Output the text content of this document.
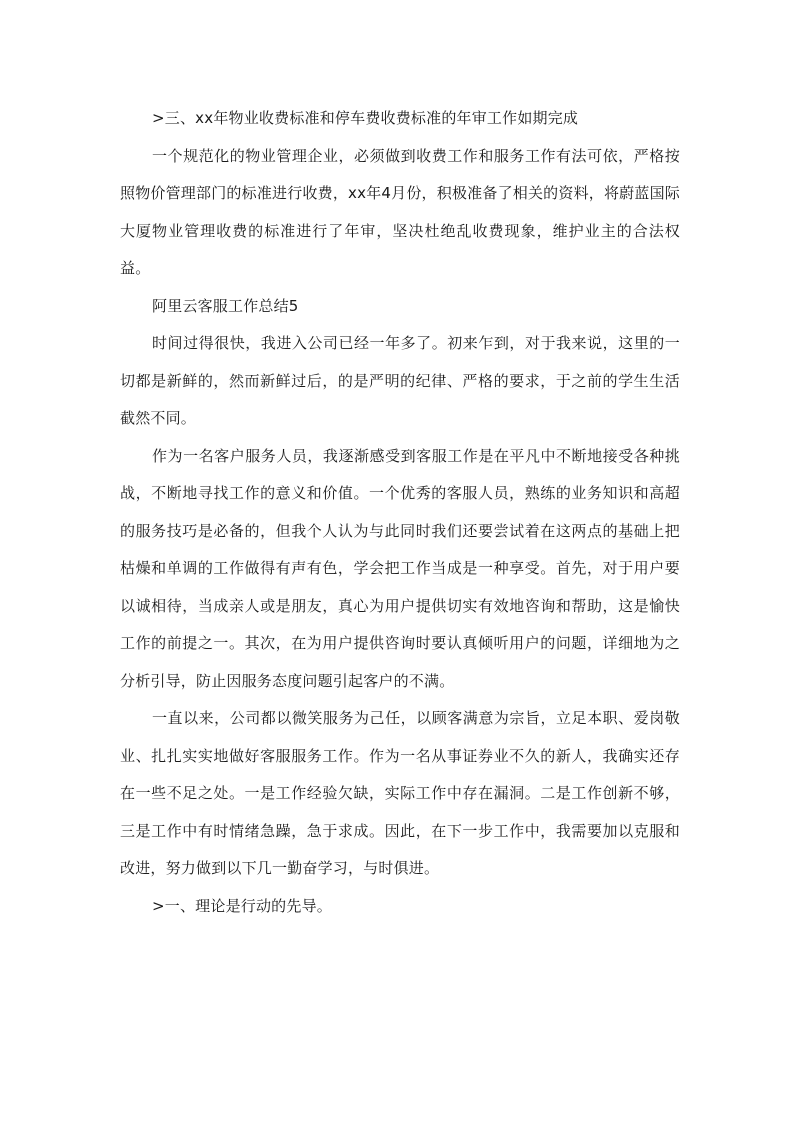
>三、xx年物业收费标准和停车费收费标准的年审工作如期完成

一个规范化的物业管理企业，必须做到收费工作和服务工作有法可依，严格按照物价管理部门的标准进行收费，xx年4月份，积极准备了相关的资料，将蔚蓝国际大厦物业管理收费的标准进行了年审，坚决杜绝乱收费现象，维护业主的合法权益。

阿里云客服工作总结5

时间过得很快，我进入公司已经一年多了。初来乍到，对于我来说，这里的一切都是新鲜的，然而新鲜过后，的是严明的纪律、严格的要求，于之前的学生生活截然不同。

作为一名客户服务人员，我逐渐感受到客服工作是在平凡中不断地接受各种挑战，不断地寻找工作的意义和价值。一个优秀的客服人员，熟练的业务知识和高超的服务技巧是必备的，但我个人认为与此同时我们还要尝试着在这两点的基础上把枯燥和单调的工作做得有声有色，学会把工作当成是一种享受。首先，对于用户要以诚相待，当成亲人或是朋友，真心为用户提供切实有效地咨询和帮助，这是愉快工作的前提之一。其次，在为用户提供咨询时要认真倾听用户的问题，详细地为之分析引导，防止因服务态度问题引起客户的不满。

一直以来，公司都以微笑服务为己任，以顾客满意为宗旨，立足本职、爱岗敬业、扎扎实实地做好客服服务工作。作为一名从事证券业不久的新人，我确实还存在一些不足之处。一是工作经验欠缺，实际工作中存在漏洞。二是工作创新不够，三是工作中有时情绪急躁，急于求成。因此，在下一步工作中，我需要加以克服和改进，努力做到以下几一勤奋学习，与时俱进。

>一、理论是行动的先导。
